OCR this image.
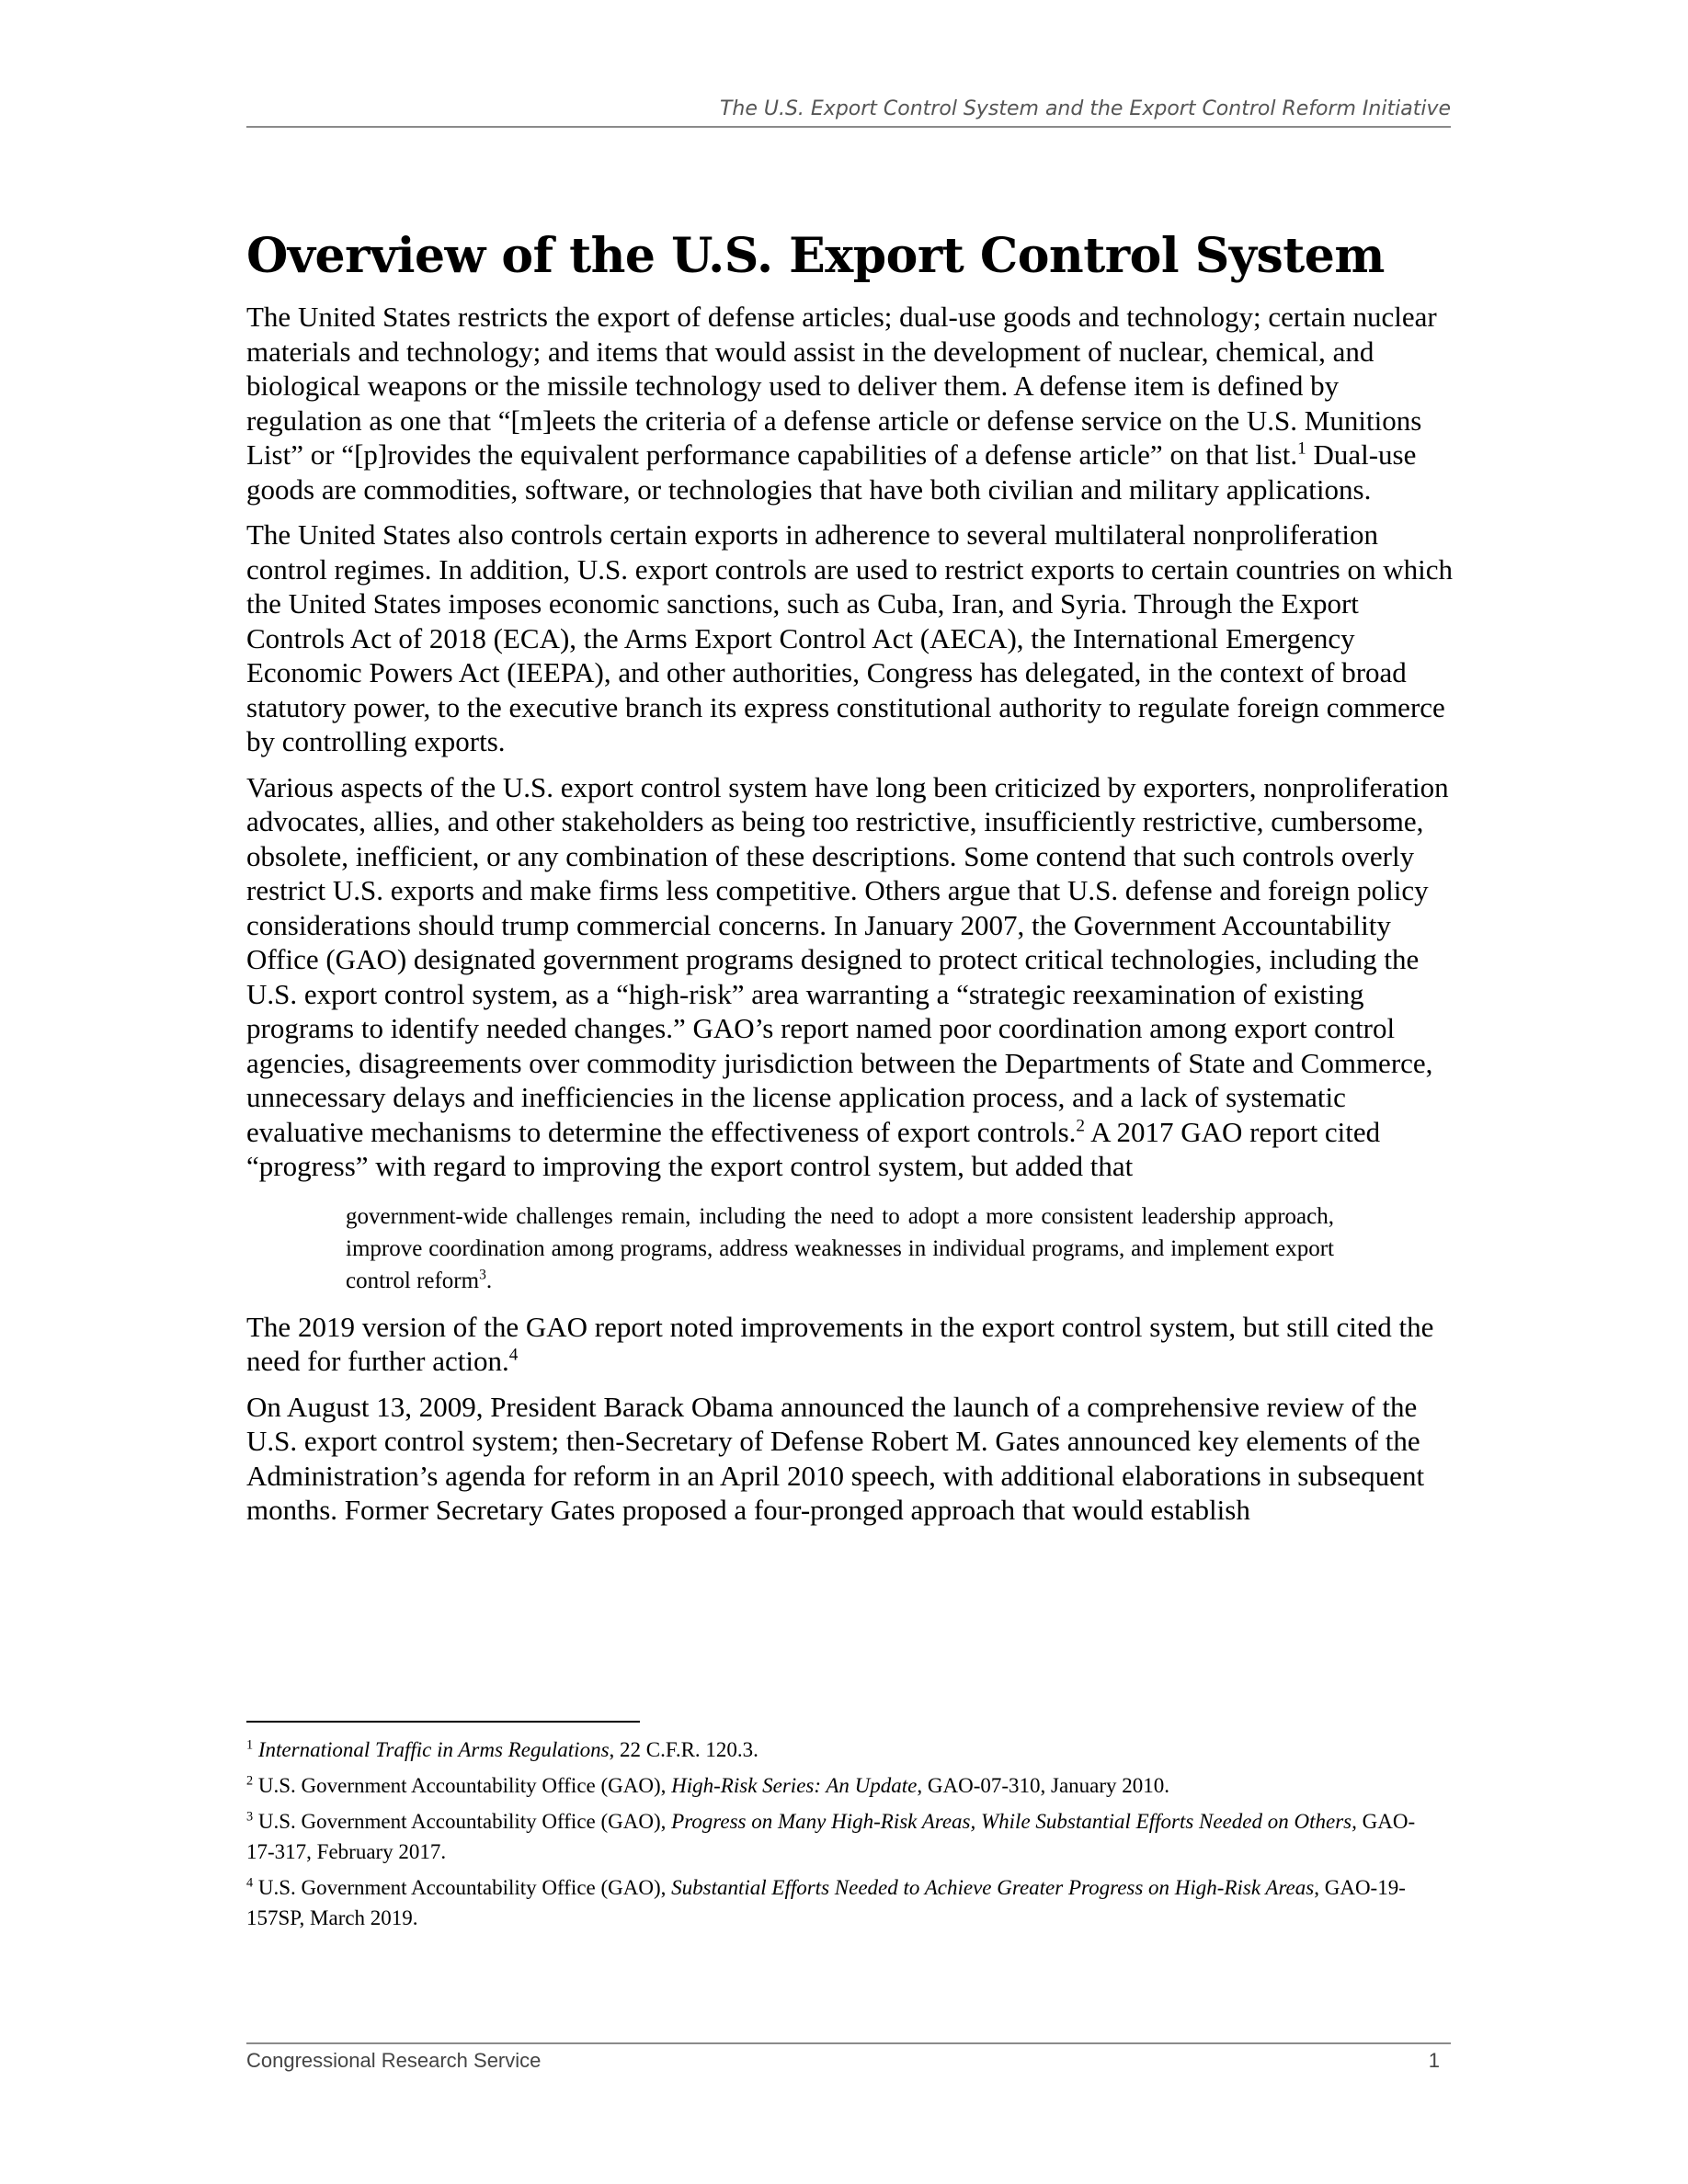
The U.S. Export Control System and the Export Control Reform Initiative
Overview of the U.S. Export Control System

The United States restricts the export of defense articles; dual-use goods and technology; certain nuclear materials and technology; and items that would assist in the development of nuclear, chemical, and biological weapons or the missile technology used to deliver them. A defense item is defined by regulation as one that “[m]eets the criteria of a defense article or defense service on the U.S. Munitions List” or “[p]rovides the equivalent performance capabilities of a defense article” on that list.$^1$ Dual-use goods are commodities, software, or technologies that have both civilian and military applications.

The United States also controls certain exports in adherence to several multilateral nonproliferation control regimes. In addition, U.S. export controls are used to restrict exports to certain countries on which the United States imposes economic sanctions, such as Cuba, Iran, and Syria. Through the Export Controls Act of 2018 (ECA), the Arms Export Control Act (AECA), the International Emergency Economic Powers Act (IEEPA), and other authorities, Congress has delegated, in the context of broad statutory power, to the executive branch its express constitutional authority to regulate foreign commerce by controlling exports.

Various aspects of the U.S. export control system have long been criticized by exporters, nonproliferation advocates, allies, and other stakeholders as being too restrictive, insufficiently restrictive, cumbersome, obsolete, inefficient, or any combination of these descriptions. Some contend that such controls overly restrict U.S. exports and make firms less competitive. Others argue that U.S. defense and foreign policy considerations should trump commercial concerns. In January 2007, the Government Accountability Office (GAO) designated government programs designed to protect critical technologies, including the U.S. export control system, as a “high-risk” area warranting a “strategic reexamination of existing programs to identify needed changes.” GAO’s report named poor coordination among export control agencies, disagreements over commodity jurisdiction between the Departments of State and Commerce, unnecessary delays and inefficiencies in the license application process, and a lack of systematic evaluative mechanisms to determine the effectiveness of export controls.$^2$ A 2017 GAO report cited “progress” with regard to improving the export control system, but added that

government-wide challenges remain, including the need to adopt a more consistent leadership approach, improve coordination among programs, address weaknesses in individual programs, and implement export control reform$^3$.

The 2019 version of the GAO report noted improvements in the export control system, but still cited the need for further action.$^4$

On August 13, 2009, President Barack Obama announced the launch of a comprehensive review of the U.S. export control system; then-Secretary of Defense Robert M. Gates announced key elements of the Administration’s agenda for reform in an April 2010 speech, with additional elaborations in subsequent months. Former Secretary Gates proposed a four-pronged approach that would establish

$^1$ International Traffic in Arms Regulations, 22 C.F.R. 120.3.
$^2$ U.S. Government Accountability Office (GAO), High-Risk Series: An Update, GAO-07-310, January 2010.
$^3$ U.S. Government Accountability Office (GAO), Progress on Many High-Risk Areas, While Substantial Efforts Needed on Others, GAO-17-317, February 2017.
$^4$ U.S. Government Accountability Office (GAO), Substantial Efforts Needed to Achieve Greater Progress on High-Risk Areas, GAO-19-157SP, March 2019.
Congressional Research Service	1
